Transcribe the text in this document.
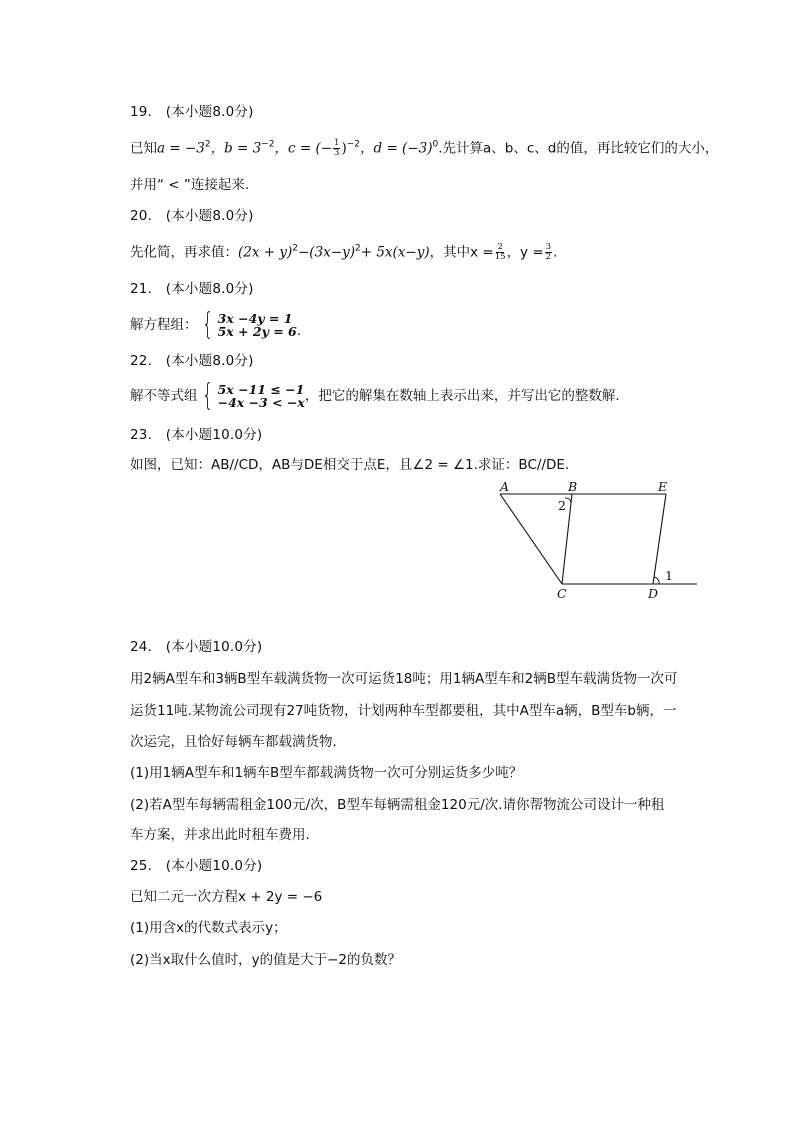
19.　(本小题8.0分)
已知$a = -3^2$，$b = 3^{-2}$，c = (− $\frac{1}{3} )^{-2}$，$d = (-3)^0$.先计算a、b、c、d的值，再比较它们的大小，
并用“ < ”连接起来.
20.　(本小题8.0分)
先化简，再求值：$(2x + y)^2-(3x-y)^2+ 5x(x-y)$，其中$x = \frac{2}{15}$ ，$y = \frac{3}{2}$ .
21.　(本小题8.0分)
解方程组： { 3x −4y = 1
5x + 2y = 6 .
22.　(本小题8.0分)
解不等式组 { 5x −11 ≤ −1
−4x −3 < −x ，把它的解集在数轴上表示出来，并写出它的整数解.
23.　(本小题10.0分)
如图，已知：AB//CD，AB与DE相交于点E，且∠2 = ∠1.求证：BC//DE.
A	B	E
C	D
2
1
24.　(本小题10.0分)
用2辆A型车和3辆B型车载满货物一次可运货18吨；用1辆A型车和2辆B型车载满货物一次可
运货11吨.某物流公司现有27吨货物，计划两种车型都要租，其中A型车a辆，B型车b辆，一
次运完，且恰好每辆车都载满货物.
(1)用1辆A型车和1辆车B型车都载满货物一次可分别运货多少吨？
(2)若A型车每辆需租金100元/次，B型车每辆需租金120元/次.请你帮物流公司设计一种租
车方案，并求出此时租车费用.
25.　(本小题10.0分)
已知二元一次方程x + 2y = −6
(1)用含x的代数式表示y；
(2)当x取什么值时，y的值是大于−2的负数？
